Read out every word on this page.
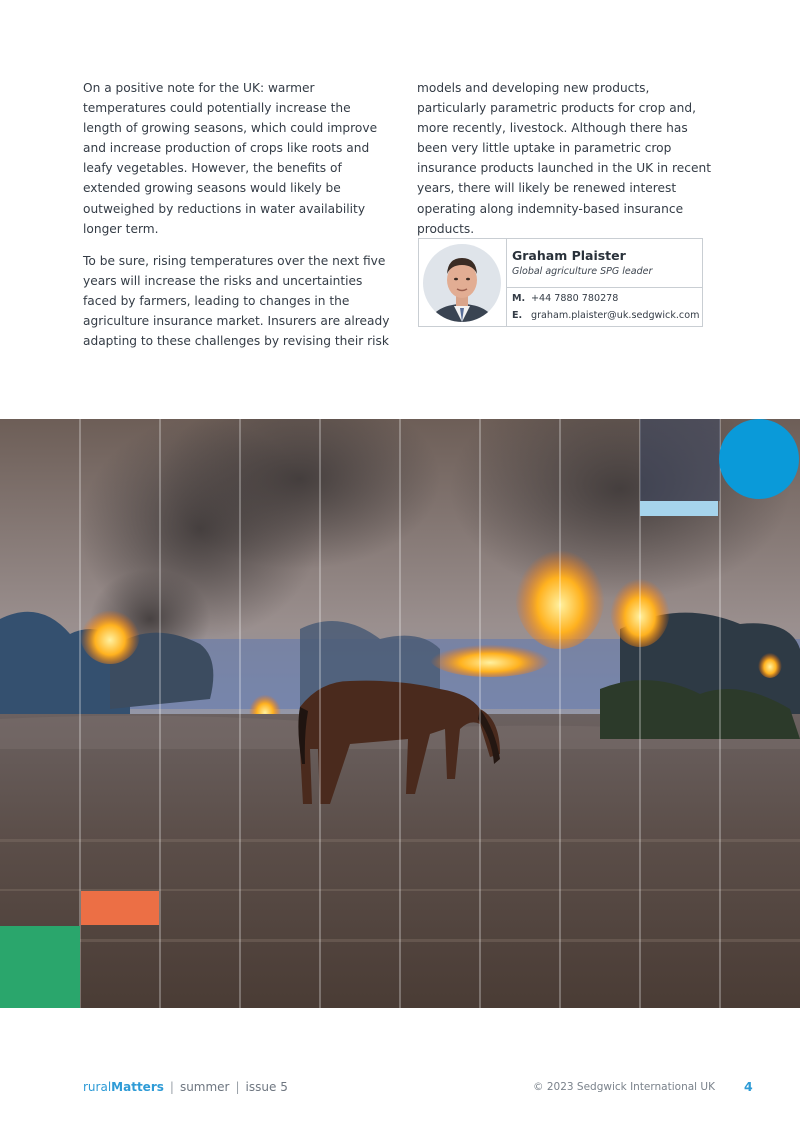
On a positive note for the UK: warmer temperatures could potentially increase the length of growing seasons, which could improve and increase production of crops like roots and leafy vegetables. However, the benefits of extended growing seasons would likely be outweighed by reductions in water availability longer term.

To be sure, rising temperatures over the next five years will increase the risks and uncertainties faced by farmers, leading to changes in the agriculture insurance market. Insurers are already adapting to these challenges by revising their risk

models and developing new products, particularly parametric products for crop and, more recently, livestock. Although there has been very little uptake in parametric crop insurance products launched in the UK in recent years, there will likely be renewed interest operating along indemnity-based insurance products.

Graham Plaister
Global agriculture SPG leader
M. +44 7880 780278
E. graham.plaister@uk.sedgwick.com
ruralMatters | summer | issue 5	© 2023 Sedgwick International UK 4
